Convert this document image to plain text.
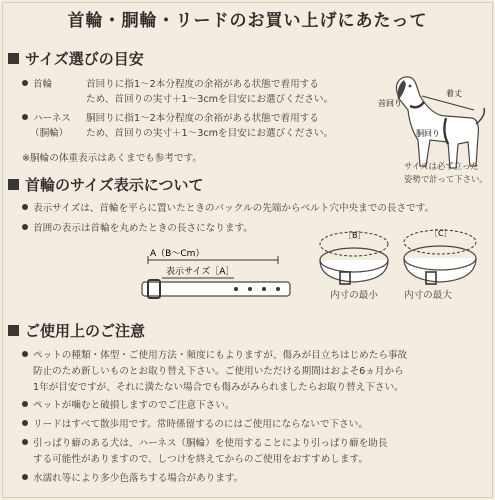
首輪・胴輪・リードのお買い上げにあたって
サイズ選びの目安
首輪	首回りに指1〜2本分程度の余裕がある状態で着用する
ため、首回りの実寸＋1〜3cmを目安にお選びください。
ハーネス
（胴輪）
胴回りに指1〜2本分程度の余裕がある状態で着用する
ため、首回りの実寸＋1〜3cmを目安にお選びください。
※胴輪の体重表示はあくまでも参考です。
着丈
首回り
胴回り
サイズは必ず立った
姿勢で計って下さい。
首輪のサイズ表示について
表示サイズは、首輪を平らに置いたときのバックルの先端からベルト穴中央までの長さです。
首囲の表示は首輪を丸めたときの長さになります。
A（B〜Cm）
表示サイズ［A］
［B］	［C］
内寸の最小	内寸の最大
ご使用上のご注意
ペットの種類・体型・ご使用方法・頻度にもよりますが、傷みが目立ちはじめたら事故
防止のため新しいものとお取り替え下さい。ご使用いただける期間はおよそ6ヵ月から
1年が目安ですが、それに満たない場合でも傷みがみられましたらお取り替え下さい。
ペットが噛むと破損しますのでご注意下さい。
リードはすべて散歩用です。常時係留するのにはご使用にならないで下さい。
引っぱり癖のある犬は、ハーネス（胴輪）を使用することにより引っぱり癖を助長
する可能性がありますので、しつけを終えてからのご使用をおすすめします。
水濡れ等により多少色落ちする場合があります。
